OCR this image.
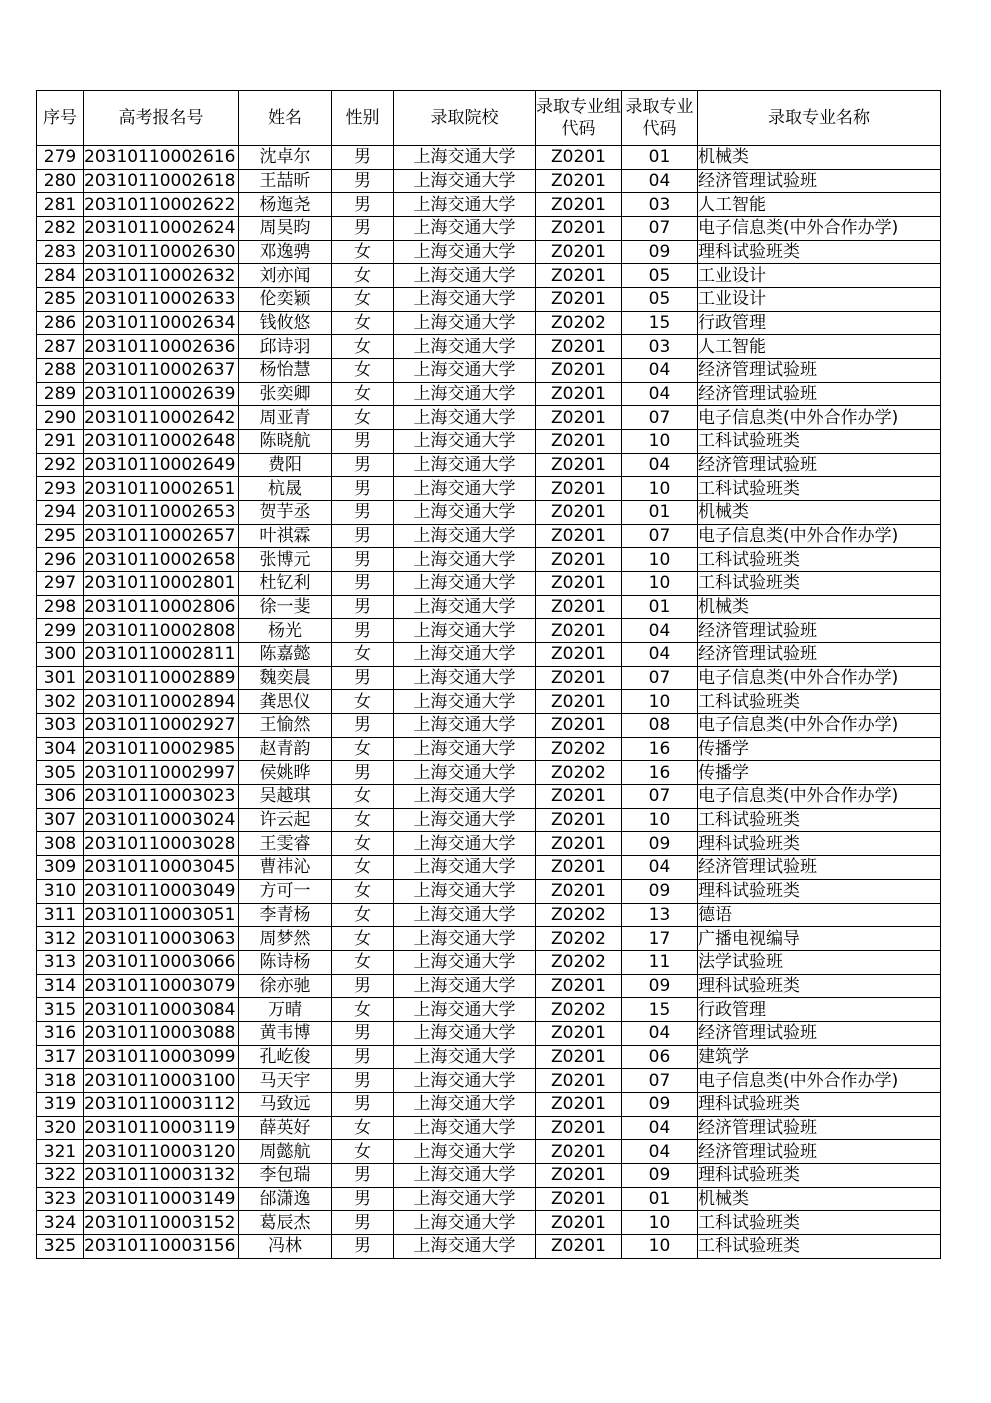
序号	高考报名号	姓名	性别	录取院校	录取专业组代码	录取专业代码	录取专业名称
279	20310110002616	沈卓尔	男	上海交通大学	Z0201	01	机械类
280	20310110002618	王喆昕	男	上海交通大学	Z0201	04	经济管理试验班
281	20310110002622	杨迤尧	男	上海交通大学	Z0201	03	人工智能
282	20310110002624	周昊昀	男	上海交通大学	Z0201	07	电子信息类(中外合作办学)
283	20310110002630	邓逸骋	女	上海交通大学	Z0201	09	理科试验班类
284	20310110002632	刘亦闻	女	上海交通大学	Z0201	05	工业设计
285	20310110002633	伦奕颖	女	上海交通大学	Z0201	05	工业设计
286	20310110002634	钱攸悠	女	上海交通大学	Z0202	15	行政管理
287	20310110002636	邱诗羽	女	上海交通大学	Z0201	03	人工智能
288	20310110002637	杨怡慧	女	上海交通大学	Z0201	04	经济管理试验班
289	20310110002639	张奕卿	女	上海交通大学	Z0201	04	经济管理试验班
290	20310110002642	周亚青	女	上海交通大学	Z0201	07	电子信息类(中外合作办学)
291	20310110002648	陈晓航	男	上海交通大学	Z0201	10	工科试验班类
292	20310110002649	费阳	男	上海交通大学	Z0201	04	经济管理试验班
293	20310110002651	杭晟	男	上海交通大学	Z0201	10	工科试验班类
294	20310110002653	贺芋丞	男	上海交通大学	Z0201	01	机械类
295	20310110002657	叶祺霖	男	上海交通大学	Z0201	07	电子信息类(中外合作办学)
296	20310110002658	张博元	男	上海交通大学	Z0201	10	工科试验班类
297	20310110002801	杜钇利	男	上海交通大学	Z0201	10	工科试验班类
298	20310110002806	徐一斐	男	上海交通大学	Z0201	01	机械类
299	20310110002808	杨光	男	上海交通大学	Z0201	04	经济管理试验班
300	20310110002811	陈嘉懿	女	上海交通大学	Z0201	04	经济管理试验班
301	20310110002889	魏奕晨	男	上海交通大学	Z0201	07	电子信息类(中外合作办学)
302	20310110002894	龚思仪	女	上海交通大学	Z0201	10	工科试验班类
303	20310110002927	王愉然	男	上海交通大学	Z0201	08	电子信息类(中外合作办学)
304	20310110002985	赵青韵	女	上海交通大学	Z0202	16	传播学
305	20310110002997	侯姚晔	男	上海交通大学	Z0202	16	传播学
306	20310110003023	吴越琪	女	上海交通大学	Z0201	07	电子信息类(中外合作办学)
307	20310110003024	许云起	女	上海交通大学	Z0201	10	工科试验班类
308	20310110003028	王雯睿	女	上海交通大学	Z0201	09	理科试验班类
309	20310110003045	曹祎沁	女	上海交通大学	Z0201	04	经济管理试验班
310	20310110003049	方可一	女	上海交通大学	Z0201	09	理科试验班类
311	20310110003051	李青杨	女	上海交通大学	Z0202	13	德语
312	20310110003063	周梦然	女	上海交通大学	Z0202	17	广播电视编导
313	20310110003066	陈诗杨	女	上海交通大学	Z0202	11	法学试验班
314	20310110003079	徐亦驰	男	上海交通大学	Z0201	09	理科试验班类
315	20310110003084	万晴	女	上海交通大学	Z0202	15	行政管理
316	20310110003088	黄韦博	男	上海交通大学	Z0201	04	经济管理试验班
317	20310110003099	孔屹俊	男	上海交通大学	Z0201	06	建筑学
318	20310110003100	马天宇	男	上海交通大学	Z0201	07	电子信息类(中外合作办学)
319	20310110003112	马致远	男	上海交通大学	Z0201	09	理科试验班类
320	20310110003119	薛英好	女	上海交通大学	Z0201	04	经济管理试验班
321	20310110003120	周懿航	女	上海交通大学	Z0201	04	经济管理试验班
322	20310110003132	李包瑞	男	上海交通大学	Z0201	09	理科试验班类
323	20310110003149	邰潇逸	男	上海交通大学	Z0201	01	机械类
324	20310110003152	葛辰杰	男	上海交通大学	Z0201	10	工科试验班类
325	20310110003156	冯林	男	上海交通大学	Z0201	10	工科试验班类
